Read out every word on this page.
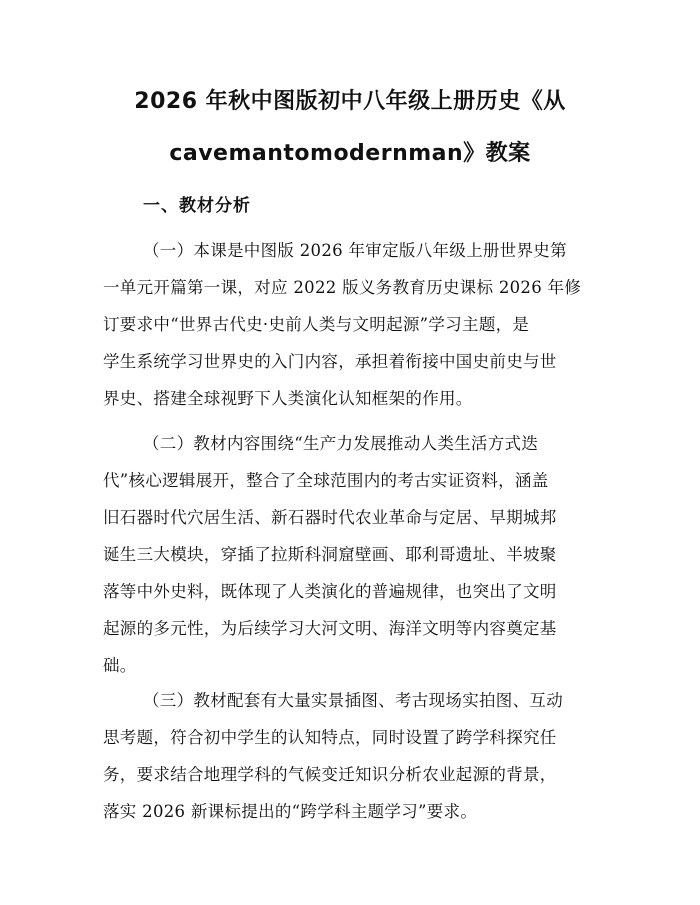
2026 年秋中图版初中八年级上册历史《从
cavemantomodernman》教案
一、教材分析
（一）本课是中图版 2026 年审定版八年级上册世界史第
一单元开篇第一课，对应 2022 版义务教育历史课标 2026 年修
订要求中“世界古代史·史前人类与文明起源”学习主题，是
学生系统学习世界史的入门内容，承担着衔接中国史前史与世
界史、搭建全球视野下人类演化认知框架的作用。
（二）教材内容围绕“生产力发展推动人类生活方式迭
代”核心逻辑展开，整合了全球范围内的考古实证资料，涵盖
旧石器时代穴居生活、新石器时代农业革命与定居、早期城邦
诞生三大模块，穿插了拉斯科洞窟壁画、耶利哥遗址、半坡聚
落等中外史料，既体现了人类演化的普遍规律，也突出了文明
起源的多元性，为后续学习大河文明、海洋文明等内容奠定基
础。
（三）教材配套有大量实景插图、考古现场实拍图、互动
思考题，符合初中学生的认知特点，同时设置了跨学科探究任
务，要求结合地理学科的气候变迁知识分析农业起源的背景，
落实 2026 新课标提出的“跨学科主题学习”要求。
